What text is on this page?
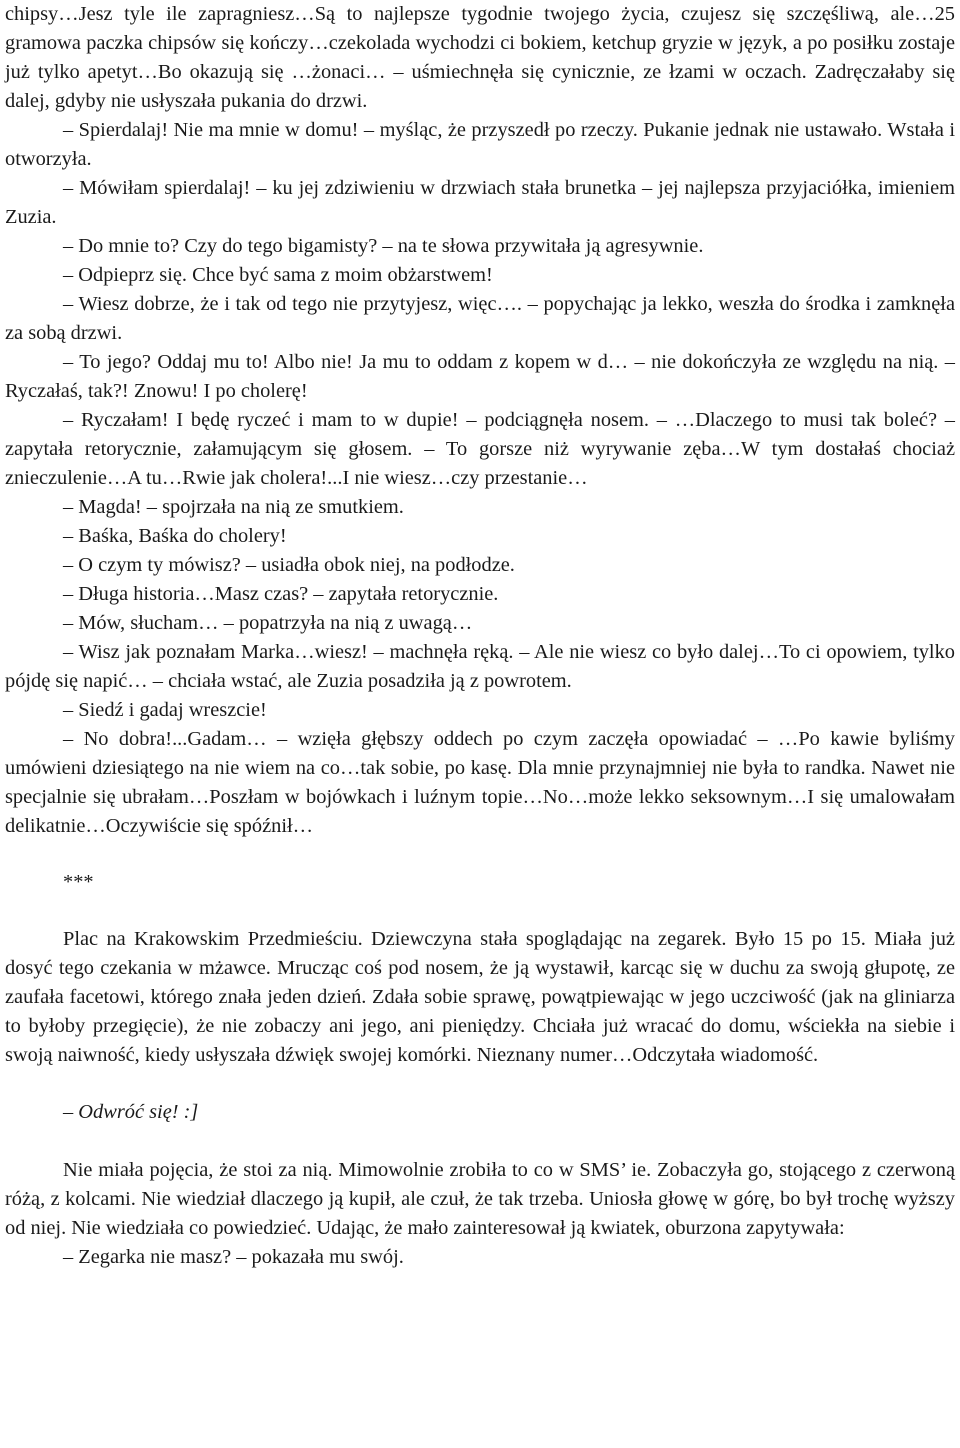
chipsy…Jesz tyle ile zapragniesz…Są to najlepsze tygodnie twojego życia, czujesz się szczęśliwą, ale…25 gramowa paczka chipsów się kończy…czekolada wychodzi ci bokiem, ketchup gryzie w język, a po posiłku zostaje już tylko apetyt…Bo okazują się …żonaci… – uśmiechnęła się cynicznie, ze łzami w oczach. Zadręczałaby się dalej, gdyby nie usłyszała pukania do drzwi.

– Spierdalaj! Nie ma mnie w domu! – myśląc, że przyszedł po rzeczy. Pukanie jednak nie ustawało. Wstała i otworzyła.

– Mówiłam spierdalaj! – ku jej zdziwieniu w drzwiach stała brunetka – jej najlepsza przyjaciółka, imieniem Zuzia.

– Do mnie to? Czy do tego bigamisty? – na te słowa przywitała ją agresywnie.

– Odpieprz się. Chce być sama z moim obżarstwem!

– Wiesz dobrze, że i tak od tego nie przytyjesz, więc…. – popychając ja lekko, weszła do środka i zamknęła za sobą drzwi.

– To jego? Oddaj mu to! Albo nie! Ja mu to oddam z kopem w d… – nie dokończyła ze względu na nią. – Ryczałaś, tak?! Znowu! I po cholerę!

– Ryczałam! I będę ryczeć i mam to w dupie! – podciągnęła nosem. – …Dlaczego to musi tak boleć? – zapytała retorycznie, załamującym się głosem. – To gorsze niż wyrywanie zęba…W tym dostałaś chociaż znieczulenie…A tu…Rwie jak cholera!...I nie wiesz…czy przestanie…

– Magda! – spojrzała na nią ze smutkiem.

– Baśka, Baśka do cholery!

– O czym ty mówisz? – usiadła obok niej, na podłodze.

– Długa historia…Masz czas? – zapytała retorycznie.

– Mów, słucham… – popatrzyła na nią z uwagą…

– Wisz jak poznałam Marka…wiesz! – machnęła ręką. – Ale nie wiesz co było dalej…To ci opowiem, tylko pójdę się napić… – chciała wstać, ale Zuzia posadziła ją z powrotem.

– Siedź i gadaj wreszcie!

– No dobra!...Gadam… – wzięła głębszy oddech po czym zaczęła opowiadać – …Po kawie byliśmy umówieni dziesiątego na nie wiem na co…tak sobie, po kasę. Dla mnie przynajmniej nie była to randka. Nawet nie specjalnie się ubrałam…Poszłam w bojówkach i luźnym topie…No…może lekko seksownym…I się umalowałam delikatnie…Oczywiście się spóźnił…

***

Plac na Krakowskim Przedmieściu. Dziewczyna stała spoglądając na zegarek. Było 15 po 15. Miała już dosyć tego czekania w mżawce. Mrucząc coś pod nosem, że ją wystawił, karcąc się w duchu za swoją głupotę, ze zaufała facetowi, którego znała jeden dzień. Zdała sobie sprawę, powątpiewając w jego uczciwość (jak na gliniarza to byłoby przegięcie), że nie zobaczy ani jego, ani pieniędzy. Chciała już wracać do domu, wściekła na siebie i swoją naiwność, kiedy usłyszała dźwięk swojej komórki. Nieznany numer…Odczytała wiadomość.

– Odwróć się! :]

Nie miała pojęcia, że stoi za nią. Mimowolnie zrobiła to co w SMS’ ie. Zobaczyła go, stojącego z czerwoną różą, z kolcami. Nie wiedział dlaczego ją kupił, ale czuł, że tak trzeba. Uniosła głowę w górę, bo był trochę wyższy od niej. Nie wiedziała co powiedzieć. Udając, że mało zainteresował ją kwiatek, oburzona zapytywała:

– Zegarka nie masz? – pokazała mu swój.
